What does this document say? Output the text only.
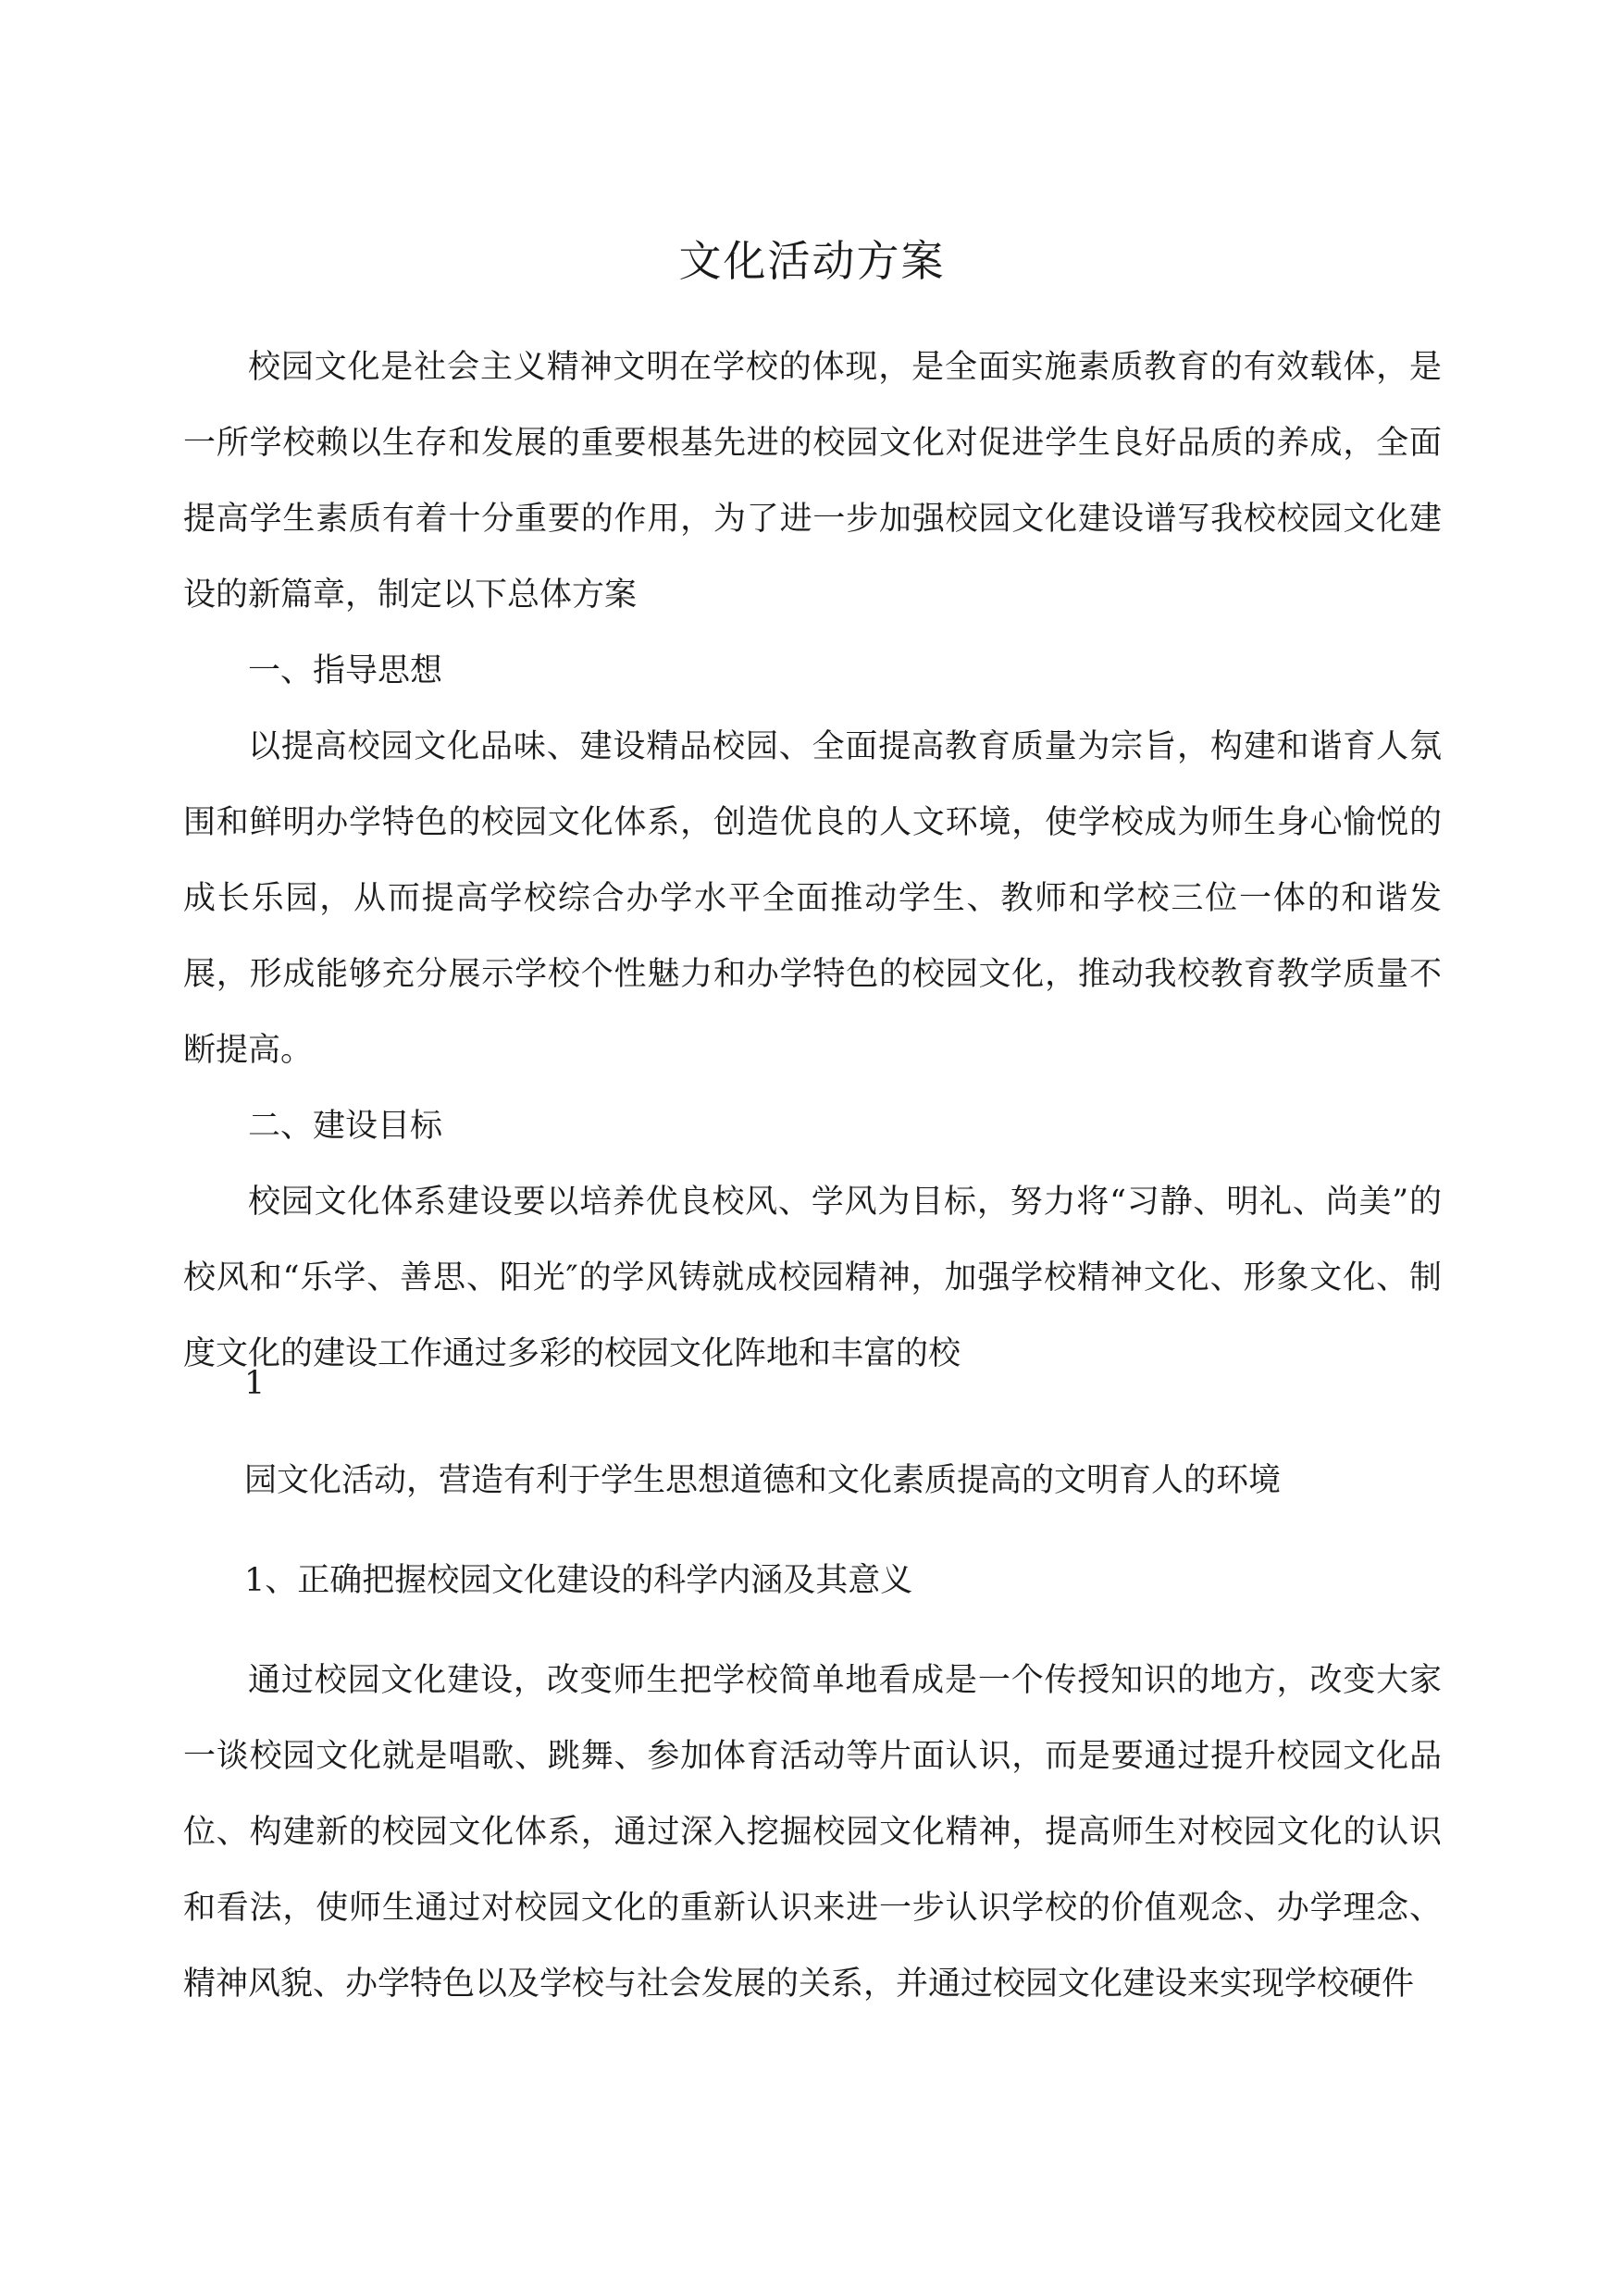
文化活动方案

校园文化是社会主义精神文明在学校的体现，是全面实施素质教育的有效载体，是一所学校赖以生存和发展的重要根基先进的校园文化对促进学生良好品质的养成，全面提高学生素质有着十分重要的作用，为了进一步加强校园文化建设谱写我校校园文化建设的新篇章，制定以下总体方案

一、指导思想

以提高校园文化品味、建设精品校园、全面提高教育质量为宗旨，构建和谐育人氛围和鲜明办学特色的校园文化体系，创造优良的人文环境，使学校成为师生身心愉悦的成长乐园，从而提高学校综合办学水平全面推动学生、教师和学校三位一体的和谐发展，形成能够充分展示学校个性魅力和办学特色的校园文化，推动我校教育教学质量不断提高。

二、建设目标

校园文化体系建设要以培养优良校风、学风为目标，努力将“习静、明礼、尚美”的校风和“乐学、善思、阳光″的学风铸就成校园精神，加强学校精神文化、形象文化、制度文化的建设工作通过多彩的校园文化阵地和丰富的校

1
园文化活动，营造有利于学生思想道德和文化素质提高的文明育人的环境
1、正确把握校园文化建设的科学内涵及其意义

通过校园文化建设，改变师生把学校简单地看成是一个传授知识的地方，改变大家一谈校园文化就是唱歌、跳舞、参加体育活动等片面认识，而是要通过提升校园文化品位、构建新的校园文化体系，通过深入挖掘校园文化精神，提高师生对校园文化的认识和看法，使师生通过对校园文化的重新认识来进一步认识学校的价值观念、办学理念、精神风貌、办学特色以及学校与社会发展的关系，并通过校园文化建设来实现学校硬件
